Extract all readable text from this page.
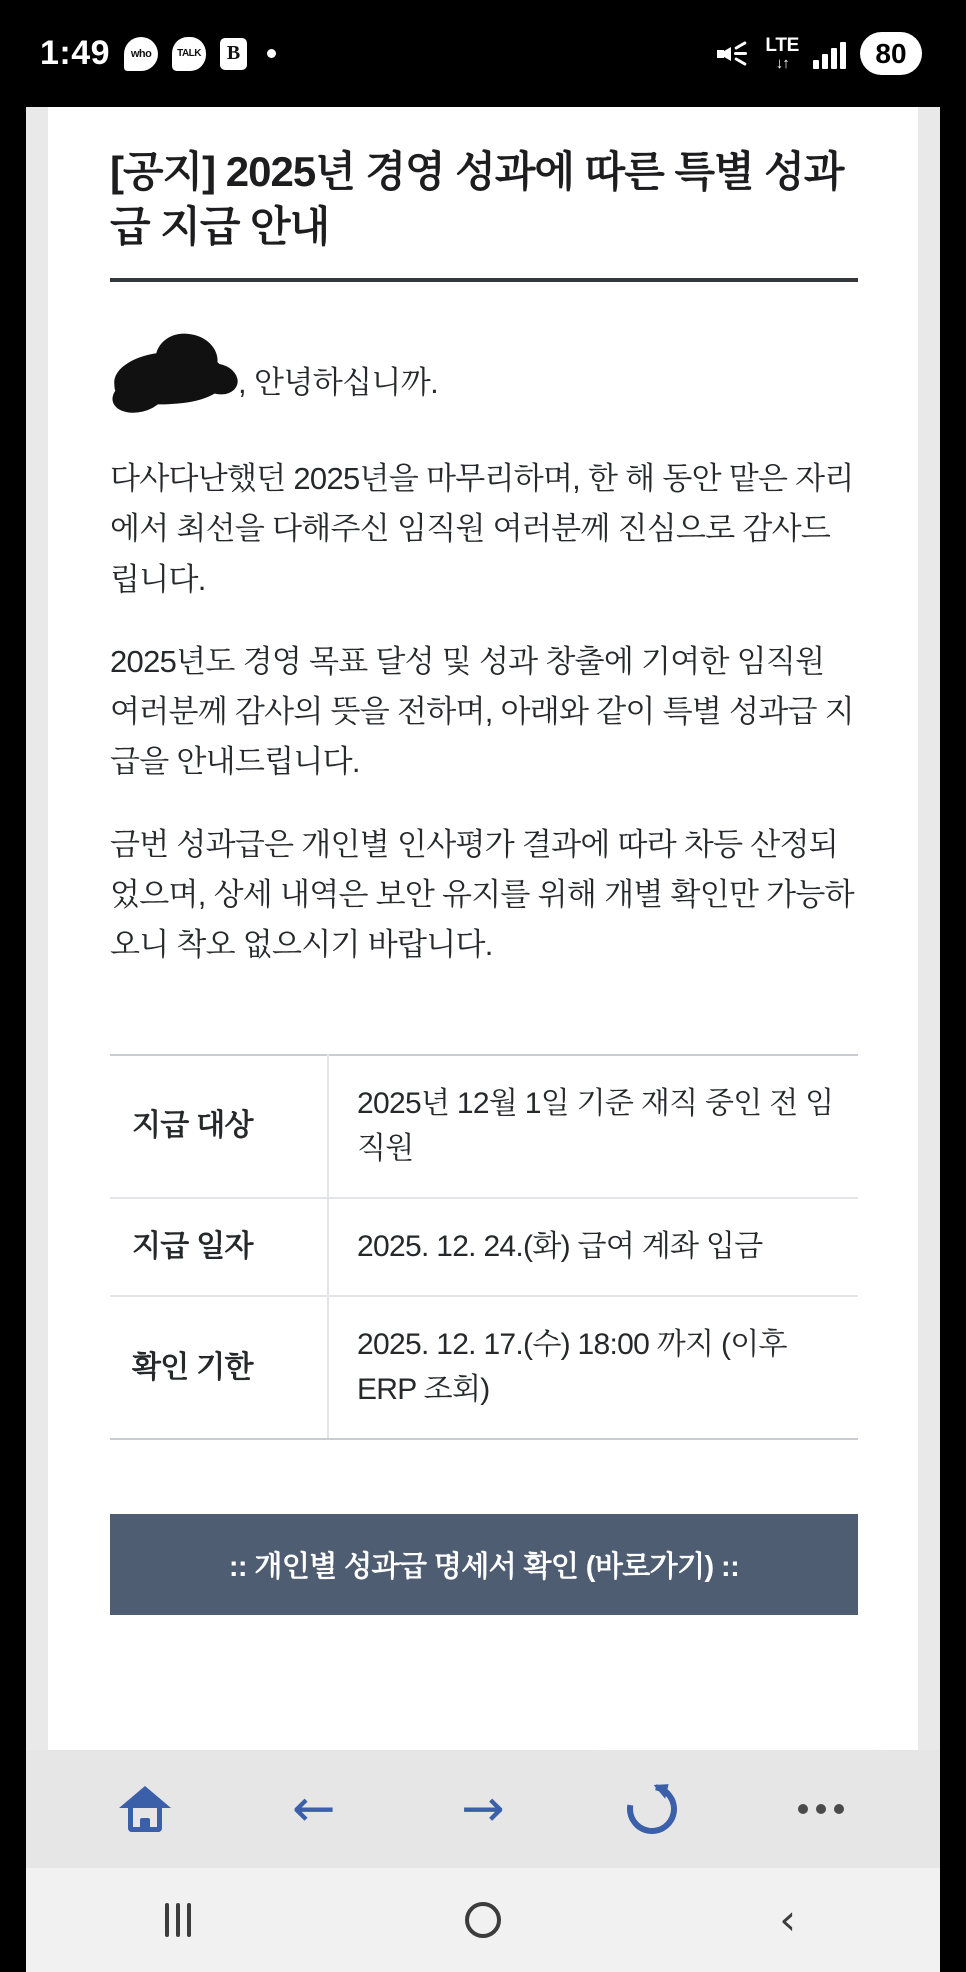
1:49	who	TALK	B	LTE
↓↑	80
[공지] 2025년 경영 성과에 따른 특별 성과급 지급 안내
, 안녕하십니까.

다사다난했던 2025년을 마무리하며, 한 해 동안 맡은 자리에서 최선을 다해주신 임직원 여러분께 진심으로 감사드립니다.

2025년도 경영 목표 달성 및 성과 창출에 기여한 임직원 여러분께 감사의 뜻을 전하며, 아래와 같이 특별 성과급 지급을 안내드립니다.

금번 성과급은 개인별 인사평가 결과에 따라 차등 산정되었으며, 상세 내역은 보안 유지를 위해 개별 확인만 가능하오니 착오 없으시기 바랍니다.

지급 대상	2025년 12월 1일 기준 재직 중인 전 임직원
지급 일자	2025. 12. 24.(화) 급여 계좌 입금
확인 기한	2025. 12. 17.(수) 18:00 까지 (이후 ERP 조회)
:: 개인별 성과급 명세서 확인 (바로가기) ::
← →
‹
